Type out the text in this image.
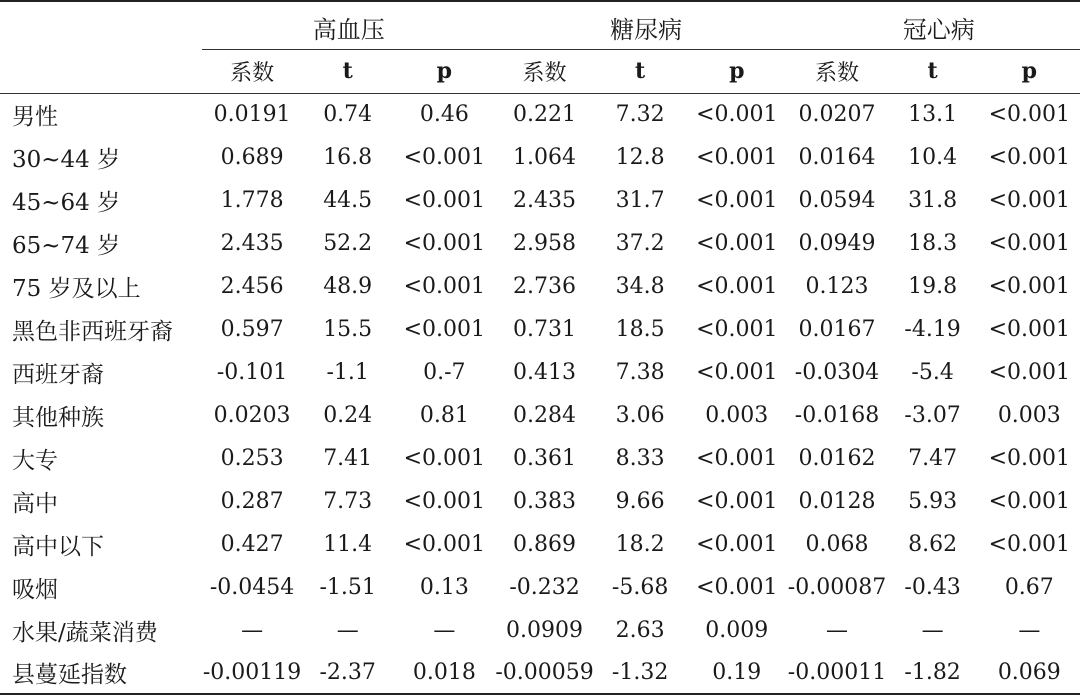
	高血压			糖尿病			冠心病		
	系数	t	p	系数	t	p	系数	t	p
男性	0.0191	0.74	0.46	0.221	7.32	<0.001	0.0207	13.1	<0.001
30~44 岁	0.689	16.8	<0.001	1.064	12.8	<0.001	0.0164	10.4	<0.001
45~64 岁	1.778	44.5	<0.001	2.435	31.7	<0.001	0.0594	31.8	<0.001
65~74 岁	2.435	52.2	<0.001	2.958	37.2	<0.001	0.0949	18.3	<0.001
75 岁及以上	2.456	48.9	<0.001	2.736	34.8	<0.001	0.123	19.8	<0.001
黑色非西班牙裔	0.597	15.5	<0.001	0.731	18.5	<0.001	0.0167	-4.19	<0.001
西班牙裔	-0.101	-1.1	0.-7	0.413	7.38	<0.001	-0.0304	-5.4	<0.001
其他种族	0.0203	0.24	0.81	0.284	3.06	0.003	-0.0168	-3.07	0.003
大专	0.253	7.41	<0.001	0.361	8.33	<0.001	0.0162	7.47	<0.001
高中	0.287	7.73	<0.001	0.383	9.66	<0.001	0.0128	5.93	<0.001
高中以下	0.427	11.4	<0.001	0.869	18.2	<0.001	0.068	8.62	<0.001
吸烟	-0.0454	-1.51	0.13	-0.232	-5.68	<0.001	-0.00087	-0.43	0.67
水果/蔬菜消费	—	—	—	0.0909	2.63	0.009	—	—	—
县蔓延指数	-0.00119	-2.37	0.018	-0.00059	-1.32	0.19	-0.00011	-1.82	0.069
